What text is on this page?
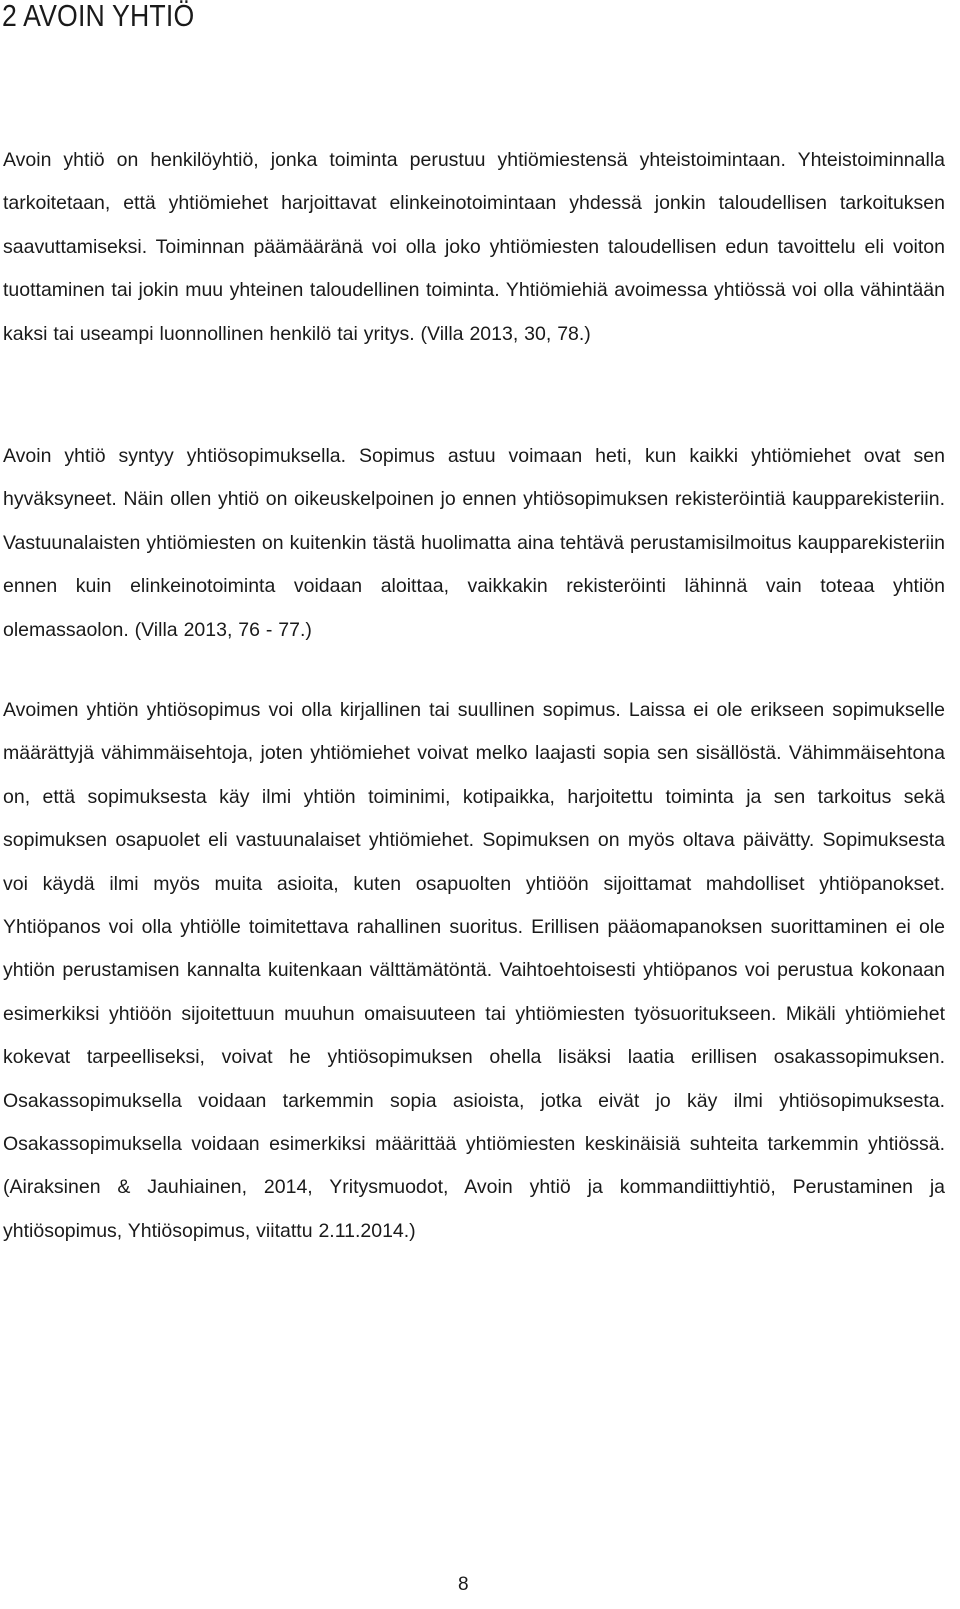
2 AVOIN YHTIÖ

Avoin yhtiö on henkilöyhtiö, jonka toiminta perustuu yhtiömiestensä yhteistoimintaan. Yhteistoiminnalla tarkoitetaan, että yhtiömiehet harjoittavat elinkeinotoimintaan yhdessä jonkin taloudellisen tarkoituksen saavuttamiseksi. Toiminnan päämääränä voi olla joko yhtiömiesten taloudellisen edun tavoittelu eli voiton tuottaminen tai jokin muu yhteinen taloudellinen toiminta. Yhtiömiehiä avoimessa yhtiössä voi olla vähintään kaksi tai useampi luonnollinen henkilö tai yritys. (Villa 2013, 30, 78.)

Avoin yhtiö syntyy yhtiösopimuksella. Sopimus astuu voimaan heti, kun kaikki yhtiömiehet ovat sen hyväksyneet. Näin ollen yhtiö on oikeuskelpoinen jo ennen yhtiösopimuksen rekisteröintiä kaupparekisteriin. Vastuunalaisten yhtiömiesten on kuitenkin tästä huolimatta aina tehtävä perustamisilmoitus kaupparekisteriin ennen kuin elinkeinotoiminta voidaan aloittaa, vaikkakin rekisteröinti lähinnä vain toteaa yhtiön olemassaolon. (Villa 2013, 76 - 77.)

Avoimen yhtiön yhtiösopimus voi olla kirjallinen tai suullinen sopimus. Laissa ei ole erikseen sopimukselle määrättyjä vähimmäisehtoja, joten yhtiömiehet voivat melko laajasti sopia sen sisällöstä. Vähimmäisehtona on, että sopimuksesta käy ilmi yhtiön toiminimi, kotipaikka, harjoitettu toiminta ja sen tarkoitus sekä sopimuksen osapuolet eli vastuunalaiset yhtiömiehet. Sopimuksen on myös oltava päivätty. Sopimuksesta voi käydä ilmi myös muita asioita, kuten osapuolten yhtiöön sijoittamat mahdolliset yhtiöpanokset. Yhtiöpanos voi olla yhtiölle toimitettava rahallinen suoritus. Erillisen pääomapanoksen suorittaminen ei ole yhtiön perustamisen kannalta kuitenkaan välttämätöntä. Vaihtoehtoisesti yhtiöpanos voi perustua kokonaan esimerkiksi yhtiöön sijoitettuun muuhun omaisuuteen tai yhtiömiesten työsuoritukseen. Mikäli yhtiömiehet kokevat tarpeelliseksi, voivat he yhtiösopimuksen ohella lisäksi laatia erillisen osakassopimuksen. Osakassopimuksella voidaan tarkemmin sopia asioista, jotka eivät jo käy ilmi yhtiösopimuksesta. Osakassopimuksella voidaan esimerkiksi määrittää yhtiömiesten keskinäisiä suhteita tarkemmin yhtiössä. (Airaksinen & Jauhiainen, 2014, Yritysmuodot, Avoin yhtiö ja kommandiittiyhtiö, Perustaminen ja yhtiösopimus, Yhtiösopimus, viitattu 2.11.2014.)

8
